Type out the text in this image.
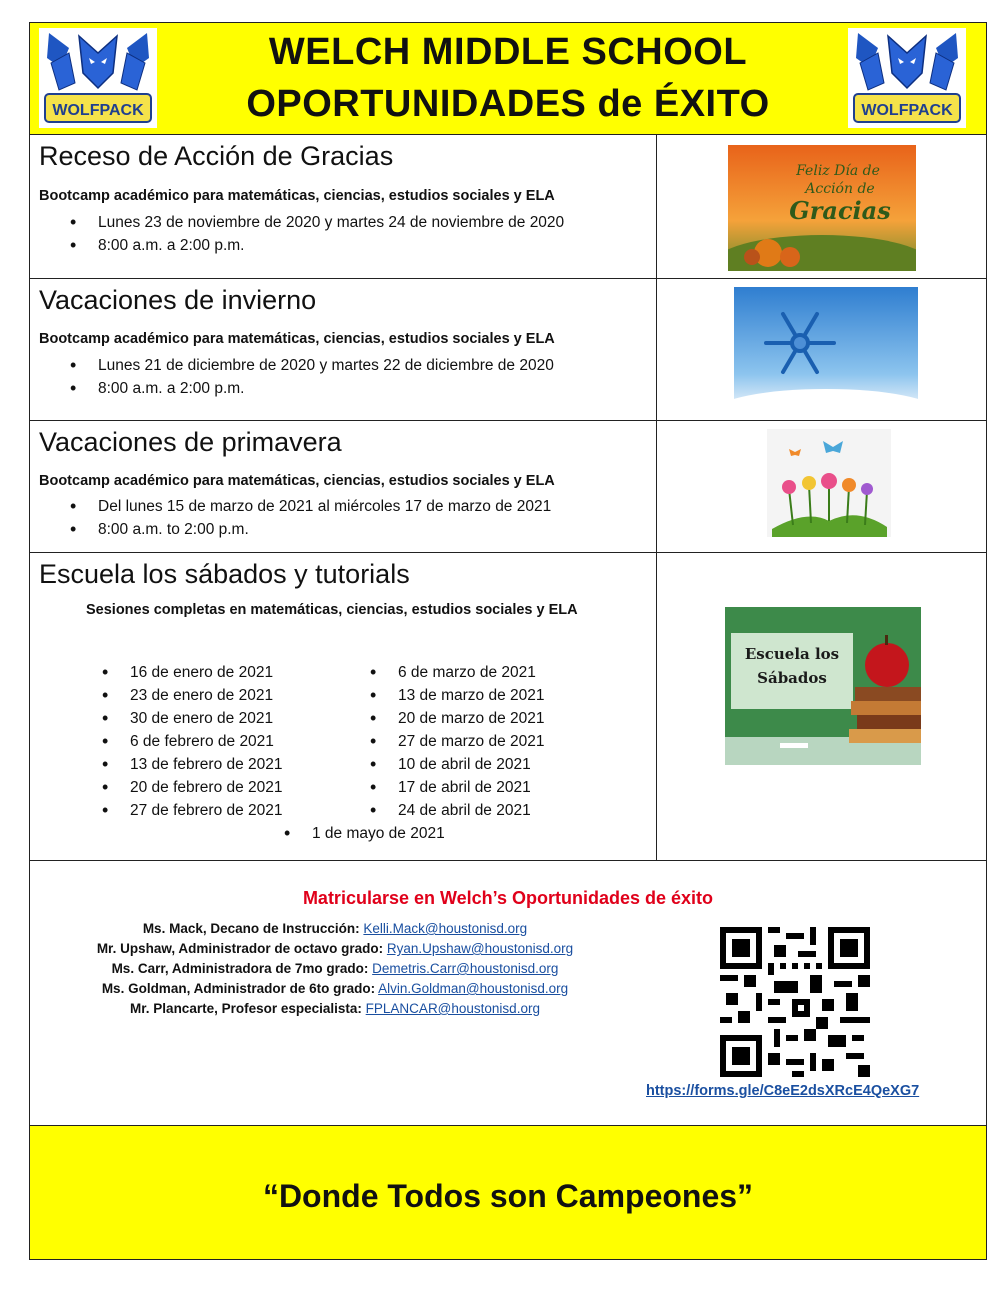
WOLFPACK
WELCH MIDDLE SCHOOL
OPORTUNIDADES de ÉXITO	WOLFPACK
Receso de Acción de Gracias
Bootcamp académico para matemáticas, ciencias, estudios sociales y ELA
• Lunes 23 de noviembre de 2020 y martes 24 de noviembre de 2020
• 8:00 a.m. a 2:00 p.m.
Feliz Día de
Acción de
Gracias
Vacaciones de invierno
Bootcamp académico para matemáticas, ciencias, estudios sociales y ELA
• Lunes 21 de diciembre de 2020 y martes 22 de diciembre de 2020
• 8:00 a.m. a 2:00 p.m.
Vacaciones de primavera
Bootcamp académico para matemáticas, ciencias, estudios sociales y ELA
• Del lunes 15 de marzo de 2021 al miércoles 17 de marzo de 2021
• 8:00 a.m. to 2:00 p.m.
Escuela los sábados y tutorials
Sesiones completas en matemáticas, ciencias, estudios sociales y ELA
• 16 de enero de 2021
• 23 de enero de 2021
• 30 de enero de 2021
• 6 de febrero de 2021
• 13 de febrero de 2021
• 20 de febrero de 2021
• 27 de febrero de 2021
• 6 de marzo de 2021
• 13 de marzo de 2021
• 20 de marzo de 2021
• 27 de marzo de 2021
• 10 de abril de 2021
• 17 de abril de 2021
• 24 de abril de 2021
• 1 de mayo de 2021
Escuela los
Sábados
Matricularse en Welch’s Oportunidades de éxito
Ms. Mack, Decano de Instrucción: Kelli.Mack@houstonisd.org
Mr. Upshaw, Administrador de octavo grado: Ryan.Upshaw@houstonisd.org
Ms. Carr, Administradora de 7mo grado: Demetris.Carr@houstonisd.org
Ms. Goldman, Administrador de 6to grado: Alvin.Goldman@houstonisd.org
Mr. Plancarte, Profesor especialista: FPLANCAR@houstonisd.org
https://forms.gle/C8eE2dsXRcE4QeXG7
“Donde Todos son Campeones”
